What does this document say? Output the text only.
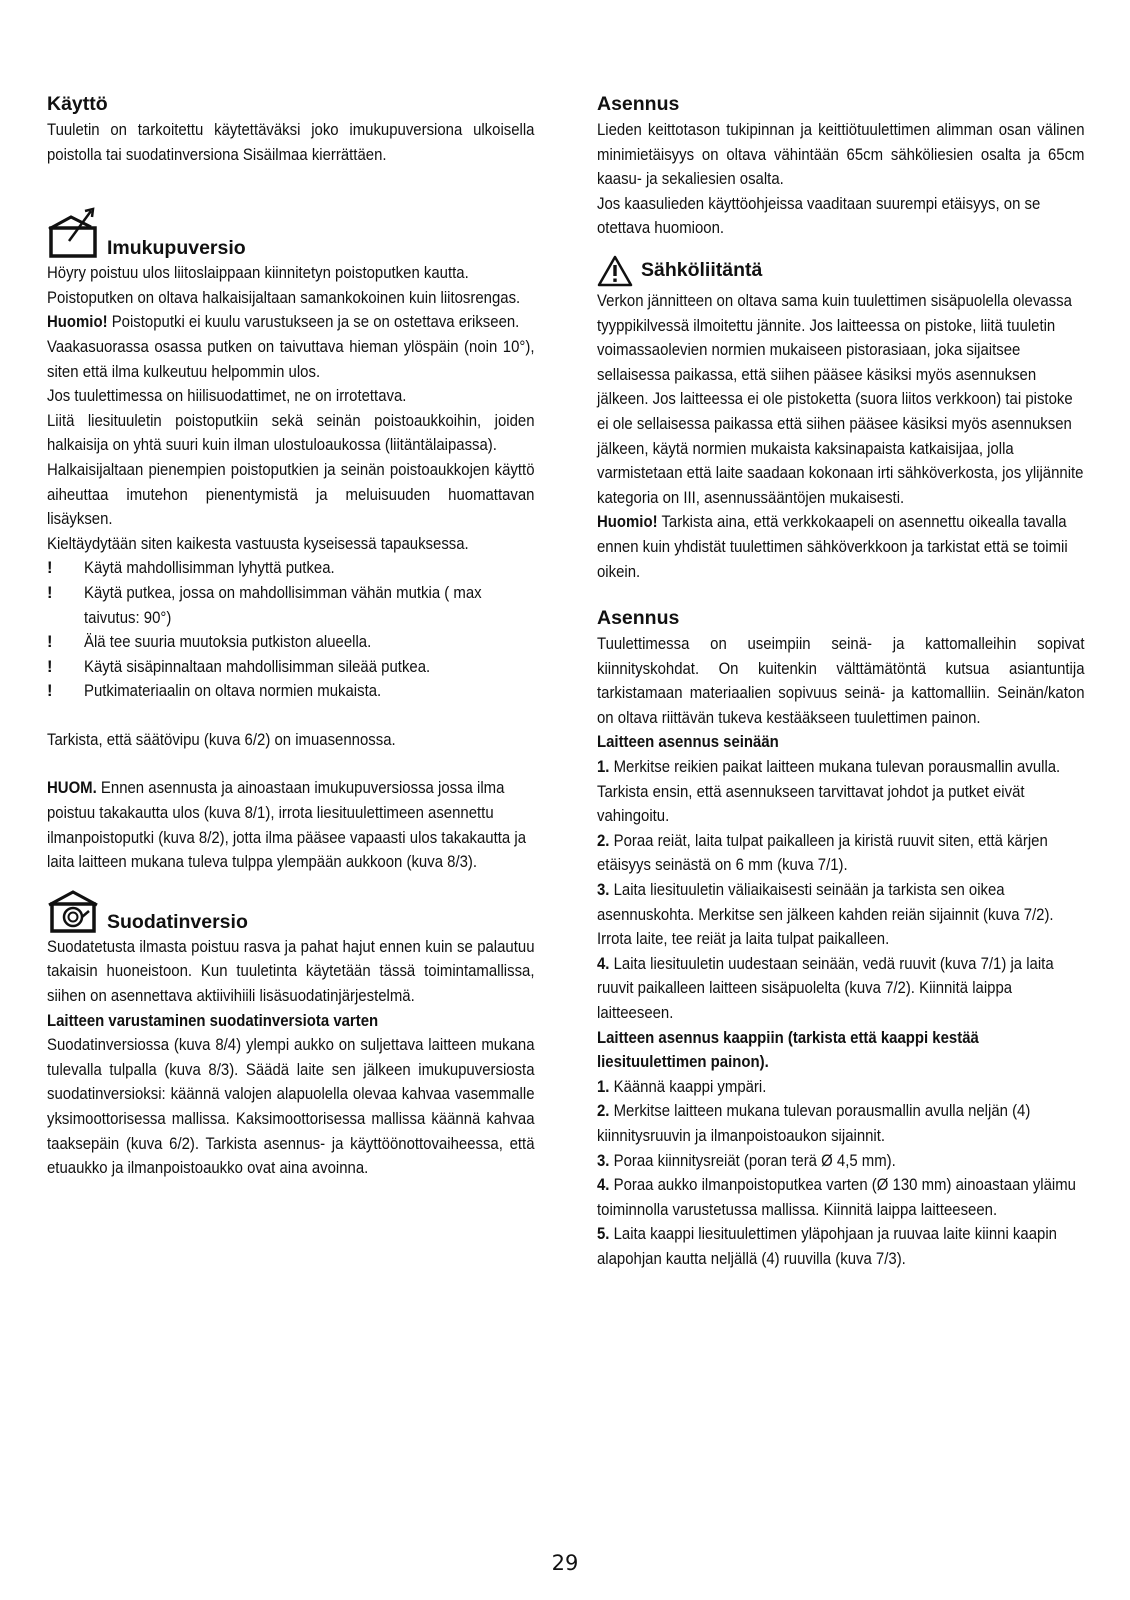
Käyttö

Tuuletin on tarkoitettu käytettäväksi joko imukupuversiona ulkoisella poistolla tai suodatinversiona Sisäilmaa kierrättäen.

Imukupuversio

Höyry poistuu ulos liitoslaippaan kiinnitetyn poistoputken kautta.

Poistoputken on oltava halkaisijaltaan samankokoinen kuin liitosrengas.

Huomio! Poistoputki ei kuulu varustukseen ja se on ostettava erikseen.

Vaakasuorassa osassa putken on taivuttava hieman ylöspäin (noin 10°), siten että ilma kulkeutuu helpommin ulos.

Jos tuulettimessa on hiilisuodattimet, ne on irrotettava.

Liitä liesituuletin poistoputkiin sekä seinän poistoaukkoihin, joiden halkaisija on yhtä suuri kuin ilman ulostuloaukossa (liitäntälaipassa).

Halkaisijaltaan pienempien poistoputkien ja seinän poistoaukkojen käyttö aiheuttaa imutehon pienentymistä ja meluisuuden huomattavan lisäyksen.

Kieltäydytään siten kaikesta vastuusta kyseisessä tapauksessa.

!	Käytä mahdollisimman lyhyttä putkea.

!	Käytä putkea, jossa on mahdollisimman vähän mutkia ( max taivutus: 90°)

!	Älä tee suuria muutoksia putkiston alueella.

!	Käytä sisäpinnaltaan mahdollisimman sileää putkea.

!	Putkimateriaalin on oltava normien mukaista.

Tarkista, että säätövipu (kuva 6/2) on imuasennossa.

HUOM. Ennen asennusta ja ainoastaan imukupuversiossa jossa ilma poistuu takakautta ulos (kuva 8/1), irrota liesituulettimeen asennettu ilmanpoistoputki (kuva 8/2), jotta ilma pääsee vapaasti ulos takakautta ja laita laitteen mukana tuleva tulppa ylempään aukkoon (kuva 8/3).

Suodatinversio

Suodatetusta ilmasta poistuu rasva ja pahat hajut ennen kuin se palautuu takaisin huoneistoon. Kun tuuletinta käytetään tässä toimintamallissa, siihen on asennettava aktiivihiili lisäsuodatinjärjestelmä.

Laitteen varustaminen suodatinversiota varten

Suodatinversiossa (kuva 8/4) ylempi aukko on suljettava laitteen mukana tulevalla tulpalla (kuva 8/3). Säädä laite sen jälkeen imukupuversiosta suodatinversioksi: käännä valojen alapuolella olevaa kahvaa vasemmalle yksimoottorisessa mallissa. Kaksimoottorisessa mallissa käännä kahvaa taaksepäin (kuva 6/2). Tarkista asennus- ja käyttöönottovaiheessa, että etuaukko ja ilmanpoistoaukko ovat aina avoinna.

Asennus

Lieden keittotason tukipinnan ja keittiötuulettimen alimman osan välinen minimietäisyys on oltava vähintään 65cm sähköliesien osalta ja 65cm kaasu- ja sekaliesien osalta.

Jos kaasulieden käyttöohjeissa vaaditaan suurempi etäisyys, on se otettava huomioon.

Sähköliitäntä

Verkon jännitteen on oltava sama kuin tuulettimen sisäpuolella olevassa tyyppikilvessä ilmoitettu jännite. Jos laitteessa on pistoke, liitä tuuletin voimassaolevien normien mukaiseen pistorasiaan, joka sijaitsee sellaisessa paikassa, että siihen pääsee käsiksi myös asennuksen jälkeen. Jos laitteessa ei ole pistoketta (suora liitos verkkoon) tai pistoke ei ole sellaisessa paikassa että siihen pääsee käsiksi myös asennuksen jälkeen, käytä normien mukaista kaksinapaista katkaisijaa, jolla varmistetaan että laite saadaan kokonaan irti sähköverkosta, jos ylijännite kategoria on III, asennussääntöjen mukaisesti.

Huomio! Tarkista aina, että verkkokaapeli on asennettu oikealla tavalla ennen kuin yhdistät tuulettimen sähköverkkoon ja tarkistat että se toimii oikein.

Asennus

Tuulettimessa on useimpiin seinä- ja kattomalleihin sopivat kiinnityskohdat. On kuitenkin välttämätöntä kutsua asiantuntija tarkistamaan materiaalien sopivuus seinä- ja kattomalliin. Seinän/katon on oltava riittävän tukeva kestääkseen tuulettimen painon.

Laitteen asennus seinään

1. Merkitse reikien paikat laitteen mukana tulevan porausmallin avulla. Tarkista ensin, että asennukseen tarvittavat johdot ja putket eivät vahingoitu.

2. Poraa reiät, laita tulpat paikalleen ja kiristä ruuvit siten, että kärjen etäisyys seinästä on 6 mm (kuva 7/1).

3. Laita liesituuletin väliaikaisesti seinään ja tarkista sen oikea asennuskohta. Merkitse sen jälkeen kahden reiän sijainnit (kuva 7/2). Irrota laite, tee reiät ja laita tulpat paikalleen.

4. Laita liesituuletin uudestaan seinään, vedä ruuvit (kuva 7/1) ja laita ruuvit paikalleen laitteen sisäpuolelta (kuva 7/2). Kiinnitä laippa laitteeseen.

Laitteen asennus kaappiin (tarkista että kaappi kestää liesituulettimen painon).

1. Käännä kaappi ympäri.

2. Merkitse laitteen mukana tulevan porausmallin avulla neljän (4) kiinnitysruuvin ja ilmanpoistoaukon sijainnit.

3. Poraa kiinnitysreiät (poran terä Ø 4,5 mm).

4. Poraa aukko ilmanpoistoputkea varten (Ø 130 mm) ainoastaan yläimu toiminnolla varustetussa mallissa. Kiinnitä laippa laitteeseen.

5. Laita kaappi liesituulettimen yläpohjaan ja ruuvaa laite kiinni kaapin alapohjan kautta neljällä (4) ruuvilla (kuva 7/3).

29
